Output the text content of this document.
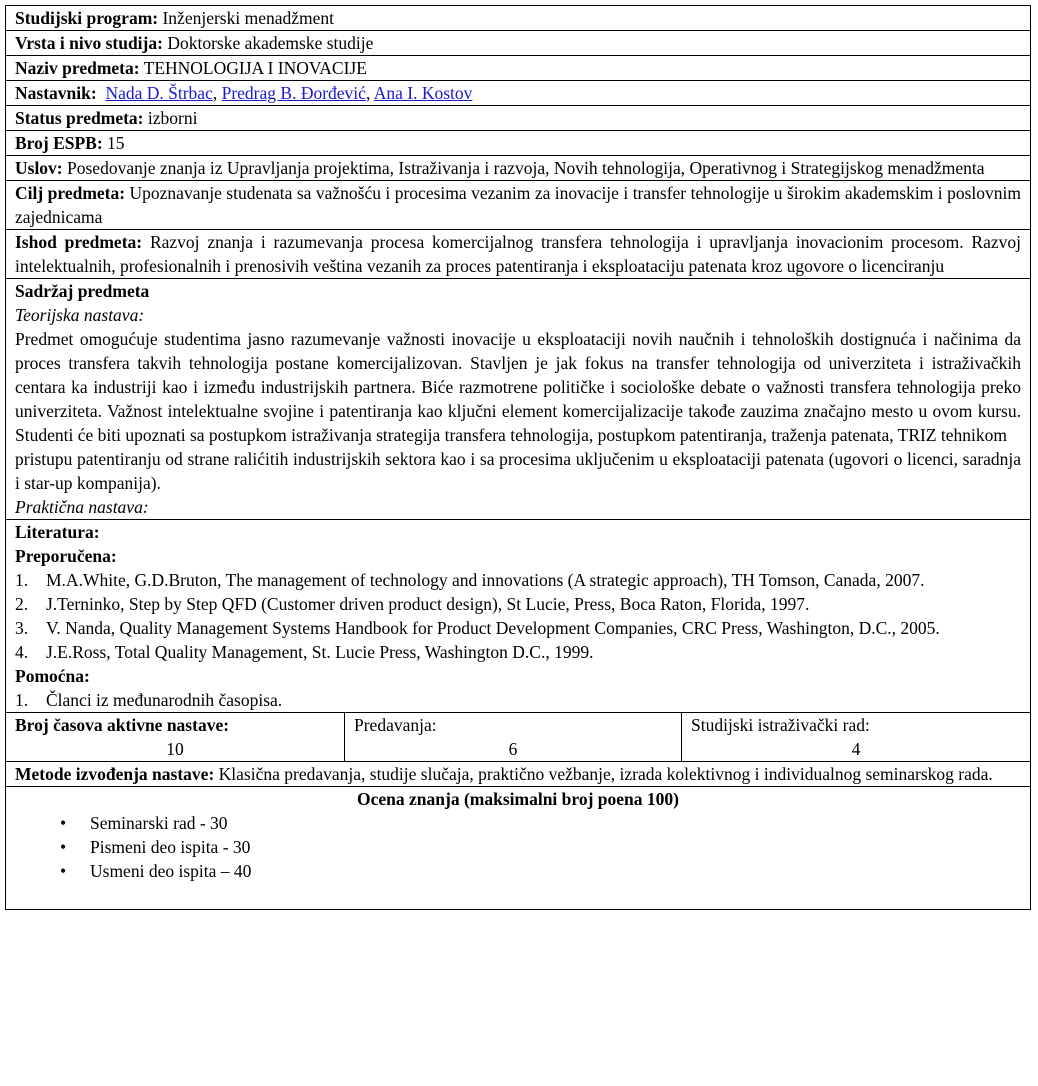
Studijski program: Inženjerski menadžment
Vrsta i nivo studija: Doktorske akademske studije
Naziv predmeta: TEHNOLOGIJA I INOVACIJE
Nastavnik: Nada D. Štrbac, Predrag B. Đorđević, Ana I. Kostov
Status predmeta: izborni
Broj ESPB: 15
Uslov: Posedovanje znanja iz Upravljanja projektima, Istraživanja i razvoja, Novih tehnologija, Operativnog i Strategijskog menadžmenta
Cilj predmeta: Upoznavanje studenata sa važnošću i procesima vezanim za inovacije i transfer tehnologije u širokim akademskim i poslovnim zajednicama
Ishod predmeta: Razvoj znanja i razumevanja procesa komercijalnog transfera tehnologija i upravljanja inovacionim procesom. Razvoj intelektualnih, profesionalnih i prenosivih veština vezanih za proces patentiranja i eksploataciju patenata kroz ugovore o licenciranju

Sadržaj predmeta

Teorijska nastava:

Predmet omogućuje studentima jasno razumevanje važnosti inovacije u eksploataciji novih naučnih i tehnoloških dostignuća i načinima da proces transfera takvih tehnologija postane komercijalizovan. Stavljen je jak fokus na transfer tehnologija od univerziteta i istraživačkih centara ka industriji kao i između industrijskih partnera. Biće razmotrene političke i sociološke debate o važnosti transfera tehnologija preko univerziteta. Važnost intelektualne svojine i patentiranja kao ključni element komercijalizacije takođe zauzima značajno mesto u ovom kursu. Studenti će biti upoznati sa postupkom istraživanja strategija transfera tehnologija, postupkom patentiranja, traženja patenata, TRIZ tehnikom

pristupu patentiranju od strane ralićitih industrijskih sektora kao i sa procesima uključenim u eksploataciji patenata (ugovori o licenci, saradnja i star-up kompanija).

Praktična nastava:

Literatura:

Preporučena:

1. M.A.White, G.D.Bruton, The management of technology and innovations (A strategic approach), TH Tomson, Canada, 2007.
2. J.Terninko, Step by Step QFD (Customer driven product design), St Lucie, Press, Boca Raton, Florida, 1997.
3. V. Nanda, Quality Management Systems Handbook for Product Development Companies, CRC Press, Washington, D.C., 2005.
4. J.E.Ross, Total Quality Management, St. Lucie Press, Washington D.C., 1999.

Pomoćna:

1. Članci iz međunarodnih časopisa.
Broj časova aktivne nastave:
10
Predavanja:
6
Studijski istraživački rad:
4
Metode izvođenja nastave: Klasična predavanja, studije slučaja, praktično vežbanje, izrada kolektivnog i individualnog seminarskog rada.
Ocena znanja (maksimalni broj poena 100)
• Seminarski rad - 30
• Pismeni deo ispita - 30
• Usmeni deo ispita – 40
